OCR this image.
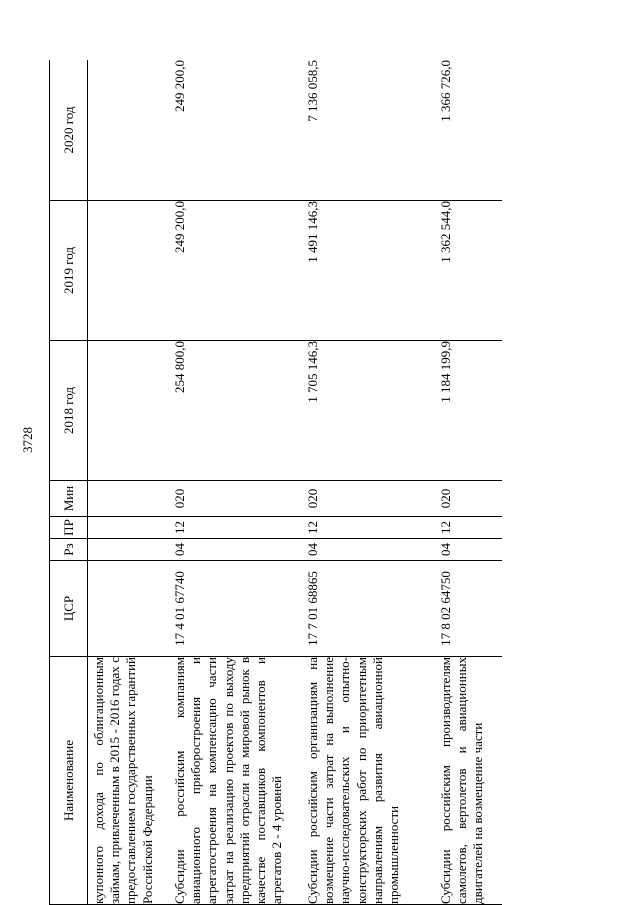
3728
Наименование	ЦСР	Рз	ПР	Мин	2018 год	2019 год	2020 год
купонного дохода по облигационным займам, привлеченным в 2015 - 2016 годах с предоставлением государственных гарантий Российской Федерации							
Субсидии российским компаниям авиационного приборостроения и агрегатостроения на компенсацию части затрат на реализацию проектов по выходу предприятий отрасли на мировой рынок в качестве поставщиков компонентов и агрегатов 2 - 4 уровней	17 4 01 67740	04	12	020	254 800,0	249 200,0	249 200,0
Субсидии российским организациям на возмещение части затрат на выполнение научно-исследовательских и опытно-конструкторских работ по приоритетным направлениям развития авиационной промышленности	17 7 01 68865	04	12	020	1 705 146,3	1 491 146,3	7 136 058,5
Субсидии российским производителям самолетов, вертолетов и авиационных двигателей на возмещение части	17 8 02 64750	04	12	020	1 184 199,9	1 362 544,0	1 366 726,0
